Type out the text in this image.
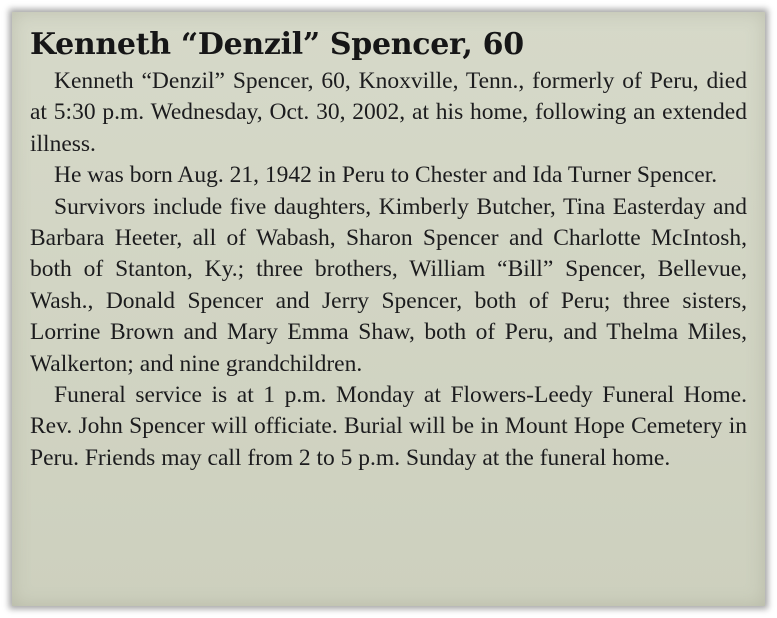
Kenneth “Denzil” Spencer, 60

Kenneth “Denzil” Spencer, 60, Knoxville, Tenn., formerly of Peru, died at 5:30 p.m. Wednesday, Oct. 30, 2002, at his home, following an extended illness.

He was born Aug. 21, 1942 in Peru to Chester and Ida Turner Spencer.

Survivors include five daughters, Kimberly Butcher, Tina Easterday and Barbara Heeter, all of Wabash, Sharon Spencer and Charlotte McIntosh, both of Stanton, Ky.; three brothers, William “Bill” Spencer, Bellevue, Wash., Donald Spencer and Jerry Spencer, both of Peru; three sisters, Lorrine Brown and Mary Emma Shaw, both of Peru, and Thelma Miles, Walkerton; and nine grandchildren.

Funeral service is at 1 p.m. Monday at Flowers-Leedy Funeral Home. Rev. John Spencer will officiate. Burial will be in Mount Hope Cemetery in Peru. Friends may call from 2 to 5 p.m. Sunday at the funeral home.
